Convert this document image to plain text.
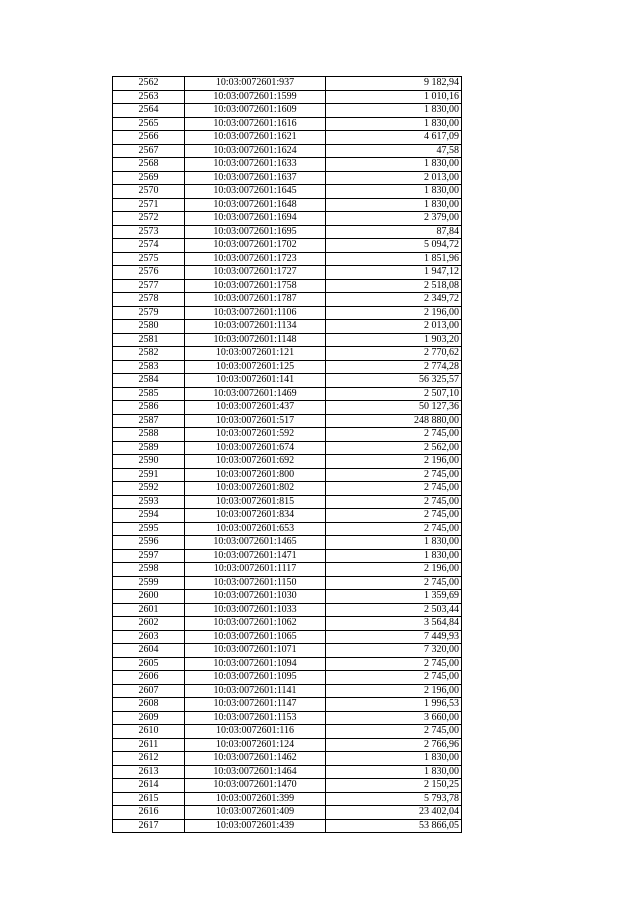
2562	10:03:0072601:937	9 182,94
2563	10:03:0072601:1599	1 010,16
2564	10:03:0072601:1609	1 830,00
2565	10:03:0072601:1616	1 830,00
2566	10:03:0072601:1621	4 617,09
2567	10:03:0072601:1624	47,58
2568	10:03:0072601:1633	1 830,00
2569	10:03:0072601:1637	2 013,00
2570	10:03:0072601:1645	1 830,00
2571	10:03:0072601:1648	1 830,00
2572	10:03:0072601:1694	2 379,00
2573	10:03:0072601:1695	87,84
2574	10:03:0072601:1702	5 094,72
2575	10:03:0072601:1723	1 851,96
2576	10:03:0072601:1727	1 947,12
2577	10:03:0072601:1758	2 518,08
2578	10:03:0072601:1787	2 349,72
2579	10:03:0072601:1106	2 196,00
2580	10:03:0072601:1134	2 013,00
2581	10:03:0072601:1148	1 903,20
2582	10:03:0072601:121	2 770,62
2583	10:03:0072601:125	2 774,28
2584	10:03:0072601:141	56 325,57
2585	10:03:0072601:1469	2 507,10
2586	10:03:0072601:437	50 127,36
2587	10:03:0072601:517	248 880,00
2588	10:03:0072601:592	2 745,00
2589	10:03:0072601:674	2 562,00
2590	10:03:0072601:692	2 196,00
2591	10:03:0072601:800	2 745,00
2592	10:03:0072601:802	2 745,00
2593	10:03:0072601:815	2 745,00
2594	10:03:0072601:834	2 745,00
2595	10:03:0072601:653	2 745,00
2596	10:03:0072601:1465	1 830,00
2597	10:03:0072601:1471	1 830,00
2598	10:03:0072601:1117	2 196,00
2599	10:03:0072601:1150	2 745,00
2600	10:03:0072601:1030	1 359,69
2601	10:03:0072601:1033	2 503,44
2602	10:03:0072601:1062	3 564,84
2603	10:03:0072601:1065	7 449,93
2604	10:03:0072601:1071	7 320,00
2605	10:03:0072601:1094	2 745,00
2606	10:03:0072601:1095	2 745,00
2607	10:03:0072601:1141	2 196,00
2608	10:03:0072601:1147	1 996,53
2609	10:03:0072601:1153	3 660,00
2610	10:03:0072601:116	2 745,00
2611	10:03:0072601:124	2 766,96
2612	10:03:0072601:1462	1 830,00
2613	10:03:0072601:1464	1 830,00
2614	10:03:0072601:1470	2 150,25
2615	10:03:0072601:399	5 793,78
2616	10:03:0072601:409	23 402,04
2617	10:03:0072601:439	53 866,05
